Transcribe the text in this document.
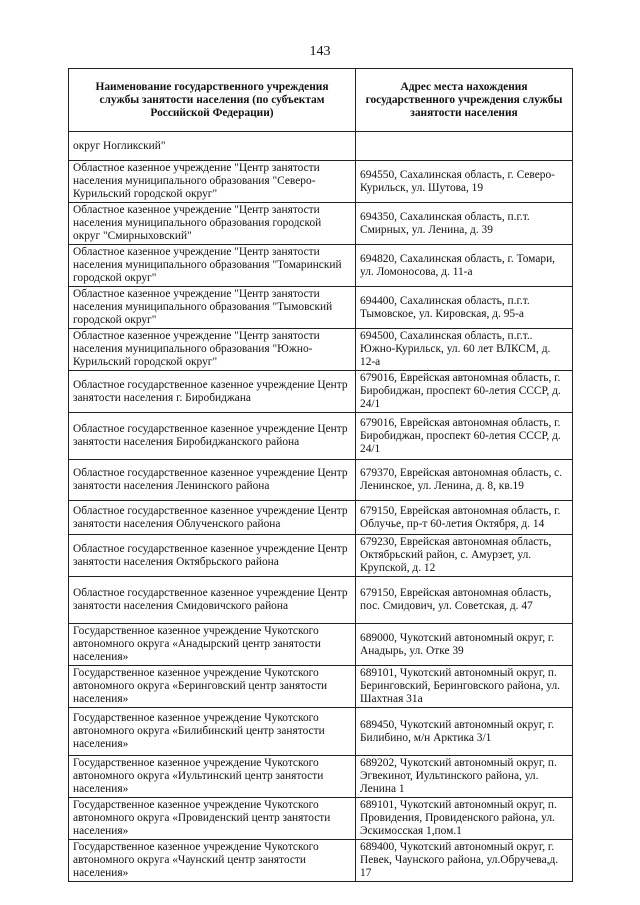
143
Наименование государственного учреждения службы занятости населения (по субъектам Российской Федерации)	Адрес места нахождения государственного учреждения службы занятости населения
округ Ногликский"	
Областное казенное учреждение "Центр занятости населения муниципального образования "Северо-Курильский городской округ"	694550, Сахалинская область, г. Северо-Курильск, ул. Шутова, 19
Областное казенное учреждение "Центр занятости населения муниципального образования городской округ "Смирныховский"	694350, Сахалинская область, п.г.т. Смирных, ул. Ленина, д. 39
Областное казенное учреждение "Центр занятости населения муниципального образования "Томаринский городской округ"	694820, Сахалинская область, г. Томари, ул. Ломоносова, д. 11-а
Областное казенное учреждение "Центр занятости населения муниципального образования "Тымовский городской округ"	694400, Сахалинская область, п.г.т. Тымовское, ул. Кировская, д. 95-а
Областное казенное учреждение "Центр занятости населения муниципального образования "Южно-Курильский городской округ"	694500, Сахалинская область, п.г.т.. Южно-Курильск, ул. 60 лет ВЛКСМ, д. 12-а
Областное государственное казенное учреждение Центр занятости населения г. Биробиджана	679016, Еврейская автономная область, г. Биробиджан, проспект 60-летия СССР, д. 24/1
Областное государственное казенное учреждение Центр занятости населения Биробиджанского района	679016, Еврейская автономная область, г. Биробиджан, проспект 60-летия СССР, д. 24/1
Областное государственное казенное учреждение Центр занятости населения Ленинского района	679370, Еврейская автономная область, с. Ленинское, ул. Ленина, д. 8, кв.19
Областное государственное казенное учреждение Центр занятости населения Облученского района	679150, Еврейская автономная область, г. Облучье, пр-т 60-летия Октября, д. 14
Областное государственное казенное учреждение Центр занятости населения Октябрьского района	679230, Еврейская автономная область, Октябрьский район, с. Амурзет, ул. Крупской, д. 12
Областное государственное казенное учреждение Центр занятости населения Смидовичского района	679150, Еврейская автономная область, пос. Смидович, ул. Советская, д. 47
Государственное казенное учреждение Чукотского автономного округа «Анадырский центр занятости населения»	689000, Чукотский автономный округ, г. Анадырь, ул. Отке 39
Государственное казенное учреждение Чукотского автономного округа «Беринговский центр занятости населения»	689101, Чукотский автономный округ, п. Беринговский, Беринговского района, ул. Шахтная 31а
Государственное казенное учреждение Чукотского автономного округа «Билибинский центр занятости населения»	689450, Чукотский автономный округ, г. Билибино, м/н Арктика 3/1
Государственное казенное учреждение Чукотского автономного округа «Иультинский центр занятости населения»	689202, Чукотский автономный округ, п. Эгвекинот, Иультинского района, ул. Ленина 1
Государственное казенное учреждение Чукотского автономного округа «Провиденский центр занятости населения»	689101, Чукотский автономный округ, п. Провидения, Провиденского района, ул. Эскимосская 1,пом.1
Государственное казенное учреждение Чукотского автономного округа «Чаунский центр занятости населения»	689400, Чукотский автономный округ, г. Певек, Чаунского района, ул.Обручева,д. 17
